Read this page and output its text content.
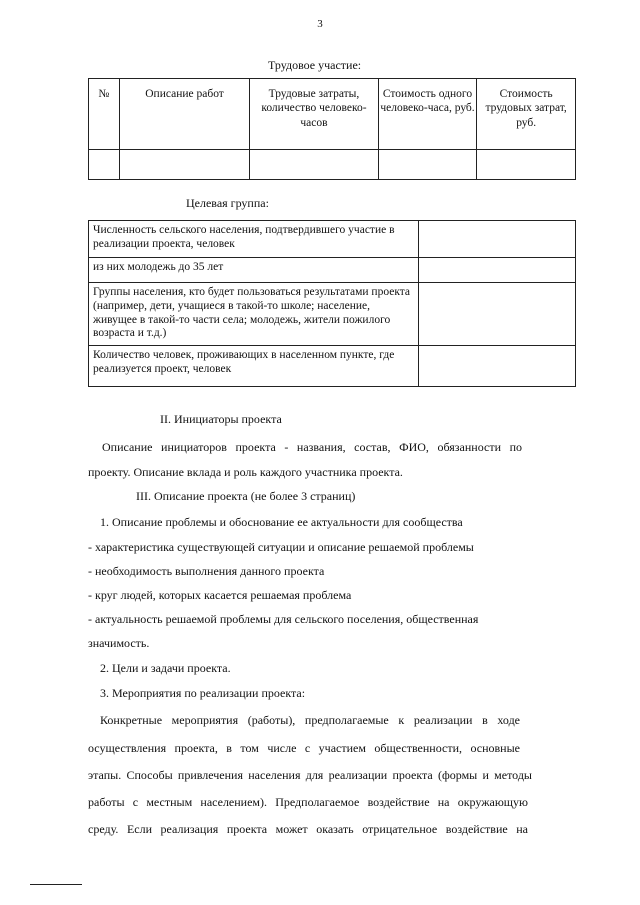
3
Трудовое участие:
№	Описание работ	Трудовые затраты, количество человеко-часов	Стоимость одного человеко-часа, руб.	Стоимость трудовых затрат, руб.

Целевая группа:
Численность сельского населения, подтвердившего участие в реализации проекта, человек	
из них молодежь до 35 лет	
Группы населения, кто будет пользоваться результатами проекта (например, дети, учащиеся в такой-то школе; население, живущее в такой-то части села; молодежь, жители пожилого возраста и т.д.)	
Количество человек, проживающих в населенном пункте, где реализуется проект, человек	
II. Инициаторы проекта
Описание инициаторов проекта - названия, состав, ФИО, обязанности по
проекту. Описание вклада и роль каждого участника проекта.
III. Описание проекта (не более 3 страниц)
1. Описание проблемы и обоснование ее актуальности для сообщества
- характеристика существующей ситуации и описание решаемой проблемы
- необходимость выполнения данного проекта
- круг людей, которых касается решаемая проблема
- актуальность решаемой проблемы для сельского поселения, общественная
значимость.
2. Цели и задачи проекта.
3. Мероприятия по реализации проекта:
Конкретные мероприятия (работы), предполагаемые к реализации в ходе
осуществления проекта, в том числе с участием общественности, основные
этапы. Способы привлечения населения для реализации проекта (формы и методы
работы с местным населением). Предполагаемое воздействие на окружающую
среду. Если реализация проекта может оказать отрицательное воздействие на
